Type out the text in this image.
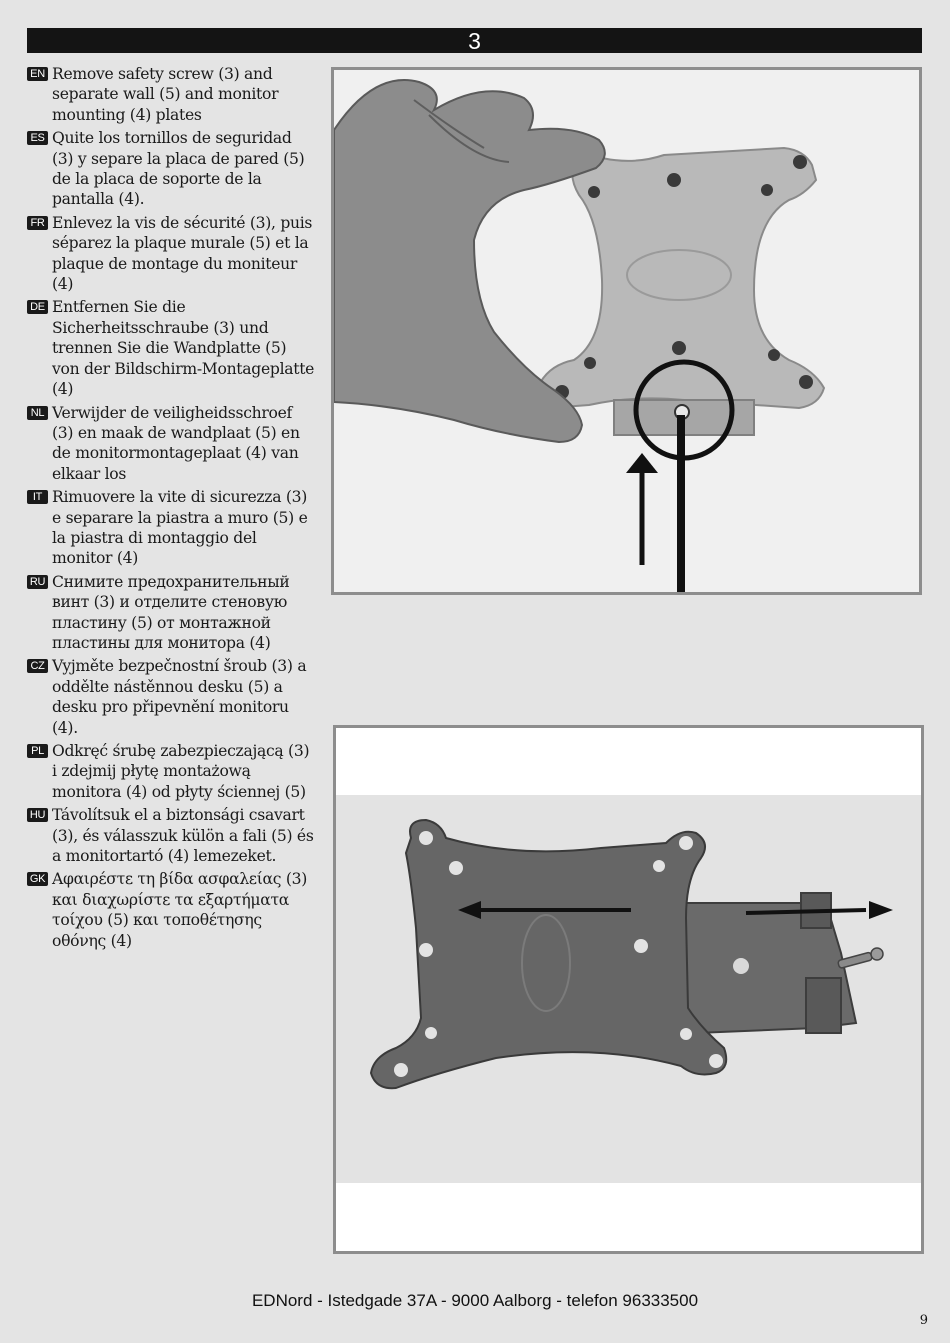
3
EN Remove safety screw (3) and separate wall (5) and monitor mounting (4) plates
ES Quite los tornillos de seguridad (3) y separe la placa de pared (5) de la placa de soporte de la pantalla (4).
FR Enlevez la vis de sécurité (3), puis séparez la plaque murale (5) et la plaque de montage du moniteur (4)
DE Entfernen Sie die Sicherheitsschraube (3) und trennen Sie die Wandplatte (5) von der Bildschirm-Montageplatte (4)
NL Verwijder de veiligheidsschroef (3) en maak de wandplaat (5) en de monitormontageplaat (4) van elkaar los
IT Rimuovere la vite di sicurezza (3) e separare la piastra a muro (5) e la piastra di montaggio del monitor (4)
RU Снимите предохранительный винт (3) и отделите стеновую пластину (5) от монтажной пластины для монитора (4)
CZ Vyjměte bezpečnostní šroub (3) a oddělte nástěnnou desku (5) a desku pro připevnění monitoru (4).
PL Odkręć śrubę zabezpieczającą (3) i zdejmij płytę montażową monitora (4) od płyty ściennej (5)
HU Távolítsuk el a biztonsági csavart (3), és válasszuk külön a fali (5) és a monitortartó (4) lemezeket.
GK Αφαιρέστε τη βίδα ασφαλείας (3) και διαχωρίστε τα εξαρτήματα τοίχου (5) και τοποθέτησης οθόνης (4)
EDNord - Istedgade 37A - 9000 Aalborg - telefon 96333500
9
